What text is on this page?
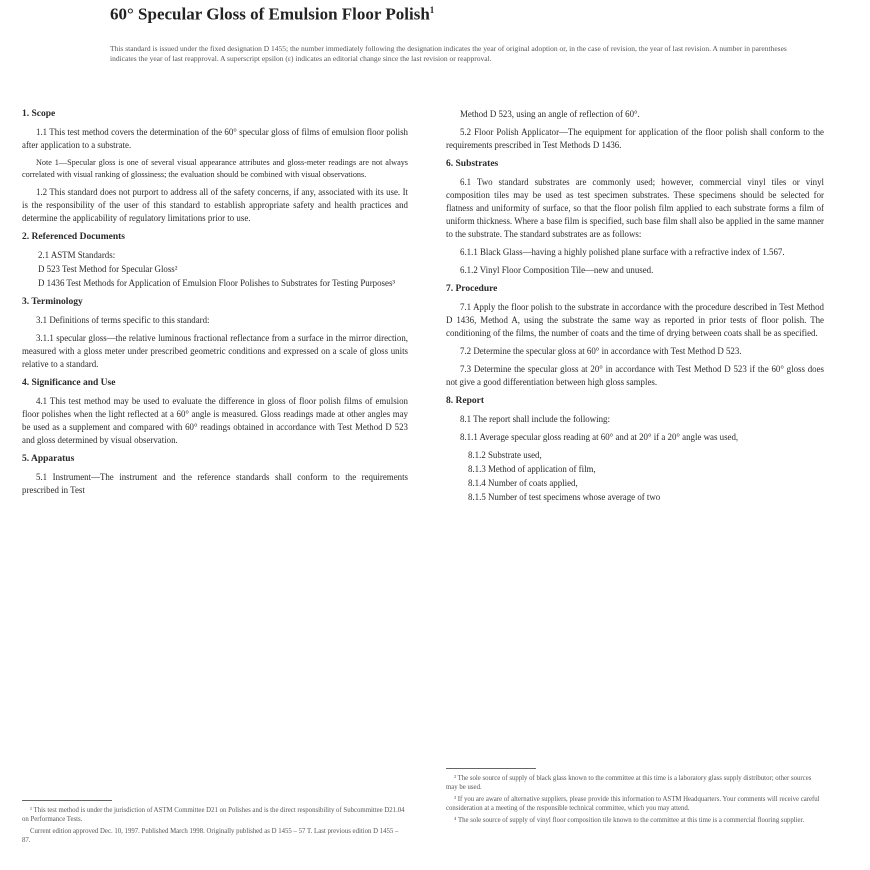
60° Specular Gloss of Emulsion Floor Polish$^1$
This standard is issued under the fixed designation D 1455; the number immediately following the designation indicates the year of original adoption or, in the case of revision, the year of last revision. A number in parentheses indicates the year of last reapproval. A superscript epsilon (ε) indicates an editorial change since the last revision or reapproval.
1. Scope

1.1 This test method covers the determination of the 60° specular gloss of films of emulsion floor polish after application to a substrate.

Note 1—Specular gloss is one of several visual appearance attributes and gloss-meter readings are not always correlated with visual ranking of glossiness; the evaluation should be combined with visual observations.

1.2 This standard does not purport to address all of the safety concerns, if any, associated with its use. It is the responsibility of the user of this standard to establish appropriate safety and health practices and determine the applicability of regulatory limitations prior to use.

2. Referenced Documents

2.1 ASTM Standards:

D 523 Test Method for Specular Gloss²

D 1436 Test Methods for Application of Emulsion Floor Polishes to Substrates for Testing Purposes³

3. Terminology

3.1 Definitions of terms specific to this standard:

3.1.1 specular gloss—the relative luminous fractional reflectance from a surface in the mirror direction, measured with a gloss meter under prescribed geometric conditions and expressed on a scale of gloss units relative to a standard.

4. Significance and Use

4.1 This test method may be used to evaluate the difference in gloss of floor polish films of emulsion floor polishes when the light reflected at a 60° angle is measured. Gloss readings made at other angles may be used as a supplement and compared with 60° readings obtained in accordance with Test Method D 523 and gloss determined by visual observation.

5. Apparatus

5.1 Instrument—The instrument and the reference standards shall conform to the requirements prescribed in Test

Method D 523, using an angle of reflection of 60°.

5.2 Floor Polish Applicator—The equipment for application of the floor polish shall conform to the requirements prescribed in Test Methods D 1436.

6. Substrates

6.1 Two standard substrates are commonly used; however, commercial vinyl tiles or vinyl composition tiles may be used as test specimen substrates. These specimens should be selected for flatness and uniformity of surface, so that the floor polish film applied to each substrate forms a film of uniform thickness. Where a base film is specified, such base film shall also be applied in the same manner to the substrate. The standard substrates are as follows:

6.1.1 Black Glass—having a highly polished plane surface with a refractive index of 1.567.

6.1.2 Vinyl Floor Composition Tile—new and unused.

7. Procedure

7.1 Apply the floor polish to the substrate in accordance with the procedure described in Test Method D 1436, Method A, using the substrate the same way as reported in prior tests of floor polish. The conditioning of the films, the number of coats and the time of drying between coats shall be as specified.

7.2 Determine the specular gloss at 60° in accordance with Test Method D 523.

7.3 Determine the specular gloss at 20° in accordance with Test Method D 523 if the 60° gloss does not give a good differentiation between high gloss samples.

8. Report

8.1 The report shall include the following:

8.1.1 Average specular gloss reading at 60° and at 20° if a 20° angle was used,

8.1.2 Substrate used,

8.1.3 Method of application of film,

8.1.4 Number of coats applied,

8.1.5 Number of test specimens whose average of two

¹ This test method is under the jurisdiction of ASTM Committee D21 on Polishes and is the direct responsibility of Subcommittee D21.04 on Performance Tests.

Current edition approved Dec. 10, 1997. Published March 1998. Originally published as D 1455 – 57 T. Last previous edition D 1455 – 87.

² The sole source of supply of black glass known to the committee at this time is a laboratory glass supply distributor; other sources may be used.

³ If you are aware of alternative suppliers, please provide this information to ASTM Headquarters. Your comments will receive careful consideration at a meeting of the responsible technical committee, which you may attend.

⁴ The sole source of supply of vinyl floor composition tile known to the committee at this time is a commercial flooring supplier.
